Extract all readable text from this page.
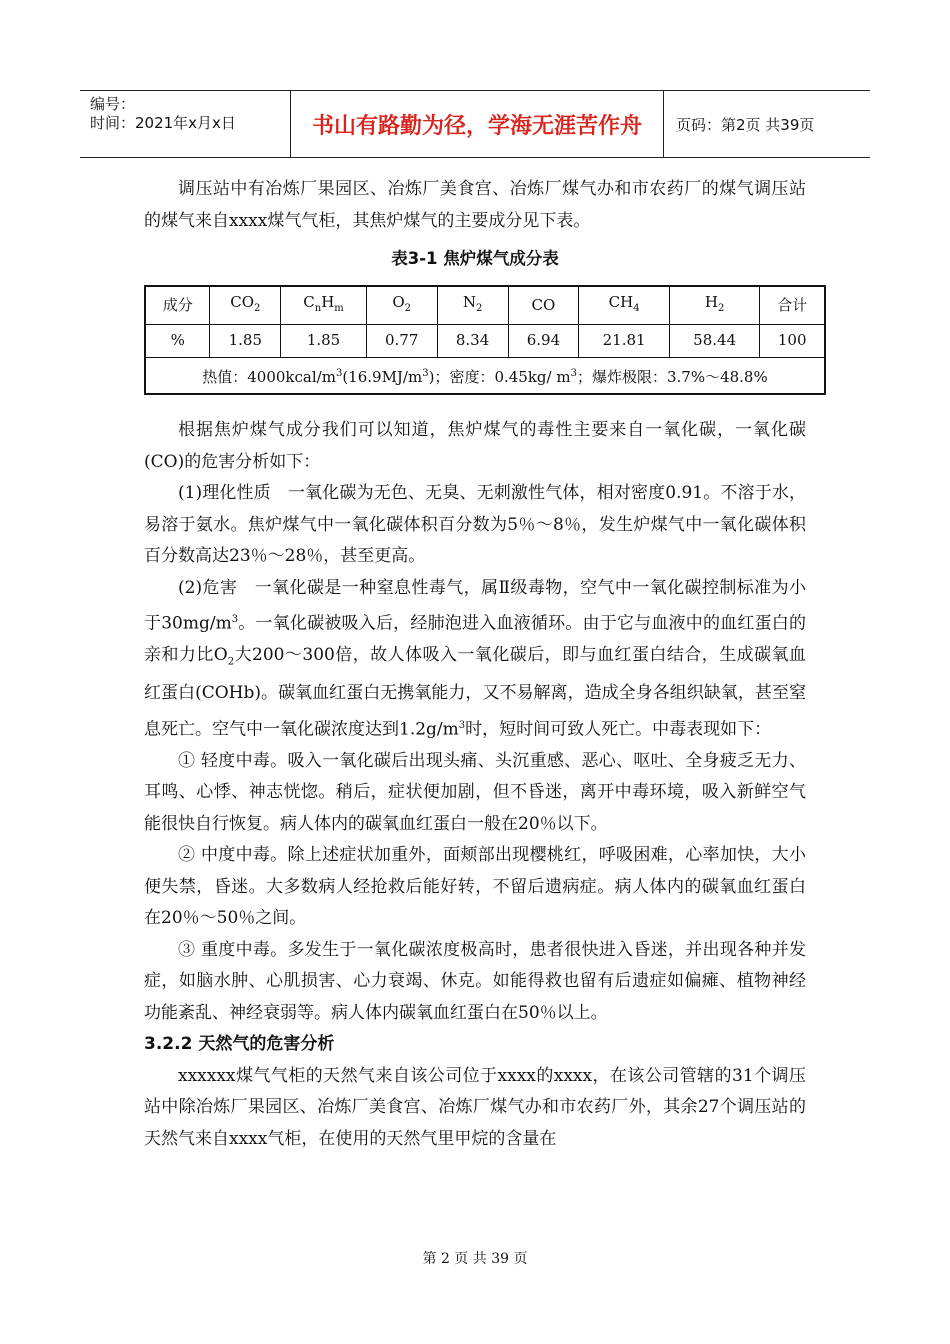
编号：
时间：2021年x月x日	书山有路勤为径，学海无涯苦作舟	页码：第2页 共39页

调压站中有冶炼厂果园区、冶炼厂美食宫、冶炼厂煤气办和市农药厂的煤气调压站的煤气来自xxxx煤气气柜，其焦炉煤气的主要成分见下表。

表3-1 焦炉煤气成分表
成分	$CO_2$	$C_nH_m$	$O_2$	$N_2$	CO	$CH_4$	$H_2$	合计
%	1.85	1.85	0.77	8.34	6.94	21.81	58.44	100
热值：$4000kcal/m^3(16.9MJ/m^3)$；密度：0.45kg/ $m^3$；爆炸极限：3.7%～48.8%								

根据焦炉煤气成分我们可以知道，焦炉煤气的毒性主要来自一氧化碳，一氧化碳(CO)的危害分析如下：

(1)理化性质　一氧化碳为无色、无臭、无刺激性气体，相对密度0.91。不溶于水，易溶于氨水。焦炉煤气中一氧化碳体积百分数为5％～8％，发生炉煤气中一氧化碳体积百分数高达23％～28％，甚至更高。

(2)危害　一氧化碳是一种窒息性毒气，属Ⅱ级毒物，空气中一氧化碳控制标准为小于$30mg/m^3$。一氧化碳被吸入后，经肺泡进入血液循环。由于它与血液中的血红蛋白的亲和力比$O_2$大200～300倍，故人体吸入一氧化碳后，即与血红蛋白结合，生成碳氧血红蛋白(COHb)。碳氧血红蛋白无携氧能力，又不易解离，造成全身各组织缺氧，甚至窒息死亡。空气中一氧化碳浓度达到$1.2g/m^3$时，短时间可致人死亡。中毒表现如下：

① 轻度中毒。吸入一氧化碳后出现头痛、头沉重感、恶心、呕吐、全身疲乏无力、耳鸣、心悸、神志恍惚。稍后，症状便加剧，但不昏迷，离开中毒环境，吸入新鲜空气能很快自行恢复。病人体内的碳氧血红蛋白一般在20％以下。

② 中度中毒。除上述症状加重外，面颊部出现樱桃红，呼吸困难，心率加快，大小便失禁，昏迷。大多数病人经抢救后能好转，不留后遗病症。病人体内的碳氧血红蛋白在20％～50％之间。

③ 重度中毒。多发生于一氧化碳浓度极高时，患者很快进入昏迷，并出现各种并发症，如脑水肿、心肌损害、心力衰竭、休克。如能得救也留有后遗症如偏瘫、植物神经功能紊乱、神经衰弱等。病人体内碳氧血红蛋白在50％以上。

3.2.2 天然气的危害分析

xxxxxx煤气气柜的天然气来自该公司位于xxxx的xxxx，在该公司管辖的31个调压站中除冶炼厂果园区、冶炼厂美食宫、冶炼厂煤气办和市农药厂外，其余27个调压站的天然气来自xxxx气柜，在使用的天然气里甲烷的含量在

第 2 页 共 39 页
